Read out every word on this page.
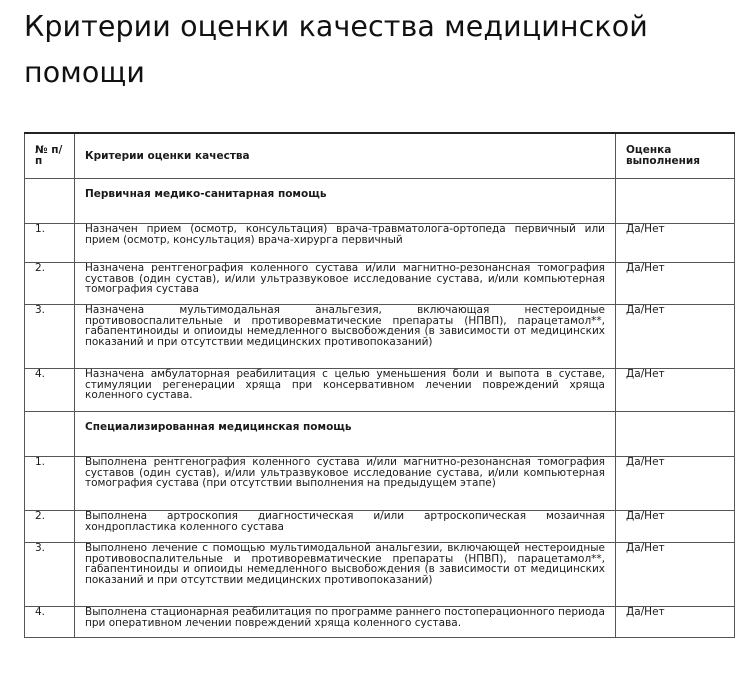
Критерии оценки качества медицинской помощи
№ п/п	Критерии оценки качества	Оценка выполнения
	Первичная медико-санитарная помощь	
1.	Назначен прием (осмотр, консультация) врача-травматолога-ортопеда первичный или прием (осмотр, консультация) врача-хирурга первичный	Да/Нет
2.	Назначена рентгенография коленного сустава и/или магнитно-резонансная томография суставов (один сустав), и/или ультразвуковое исследование сустава, и/или компьютерная томография сустава	Да/Нет
3.	Назначена мультимодальная анальгезия, включающая нестероидные противовоспалительные и противоревматические препараты (НПВП), парацетамол**, габапентиноиды и опиоиды немедленного высвобождения (в зависимости от медицинских показаний и при отсутствии медицинских противопоказаний)	Да/Нет
4.	Назначена амбулаторная реабилитация с целью уменьшения боли и выпота в суставе, стимуляции регенерации хряща при консервативном лечении повреждений хряща коленного сустава.	Да/Нет
	Специализированная медицинская помощь	
1.	Выполнена рентгенография коленного сустава и/или магнитно-резонансная томография суставов (один сустав), и/или ультразвуковое исследование сустава, и/или компьютерная томография сустава (при отсутствии выполнения на предыдущем этапе)	Да/Нет
2.	Выполнена артроскопия диагностическая и/или артроскопическая мозаичная хондропластика коленного сустава	Да/Нет
3.	Выполнено лечение с помощью мультимодальной анальгезии, включающей нестероидные противовоспалительные и противоревматические препараты (НПВП), парацетамол**, габапентиноиды и опиоиды немедленного высвобождения (в зависимости от медицинских показаний и при отсутствии медицинских противопоказаний)	Да/Нет
4.	Выполнена стационарная реабилитация по программе раннего постоперационного периода при оперативном лечении повреждений хряща коленного сустава.	Да/Нет
